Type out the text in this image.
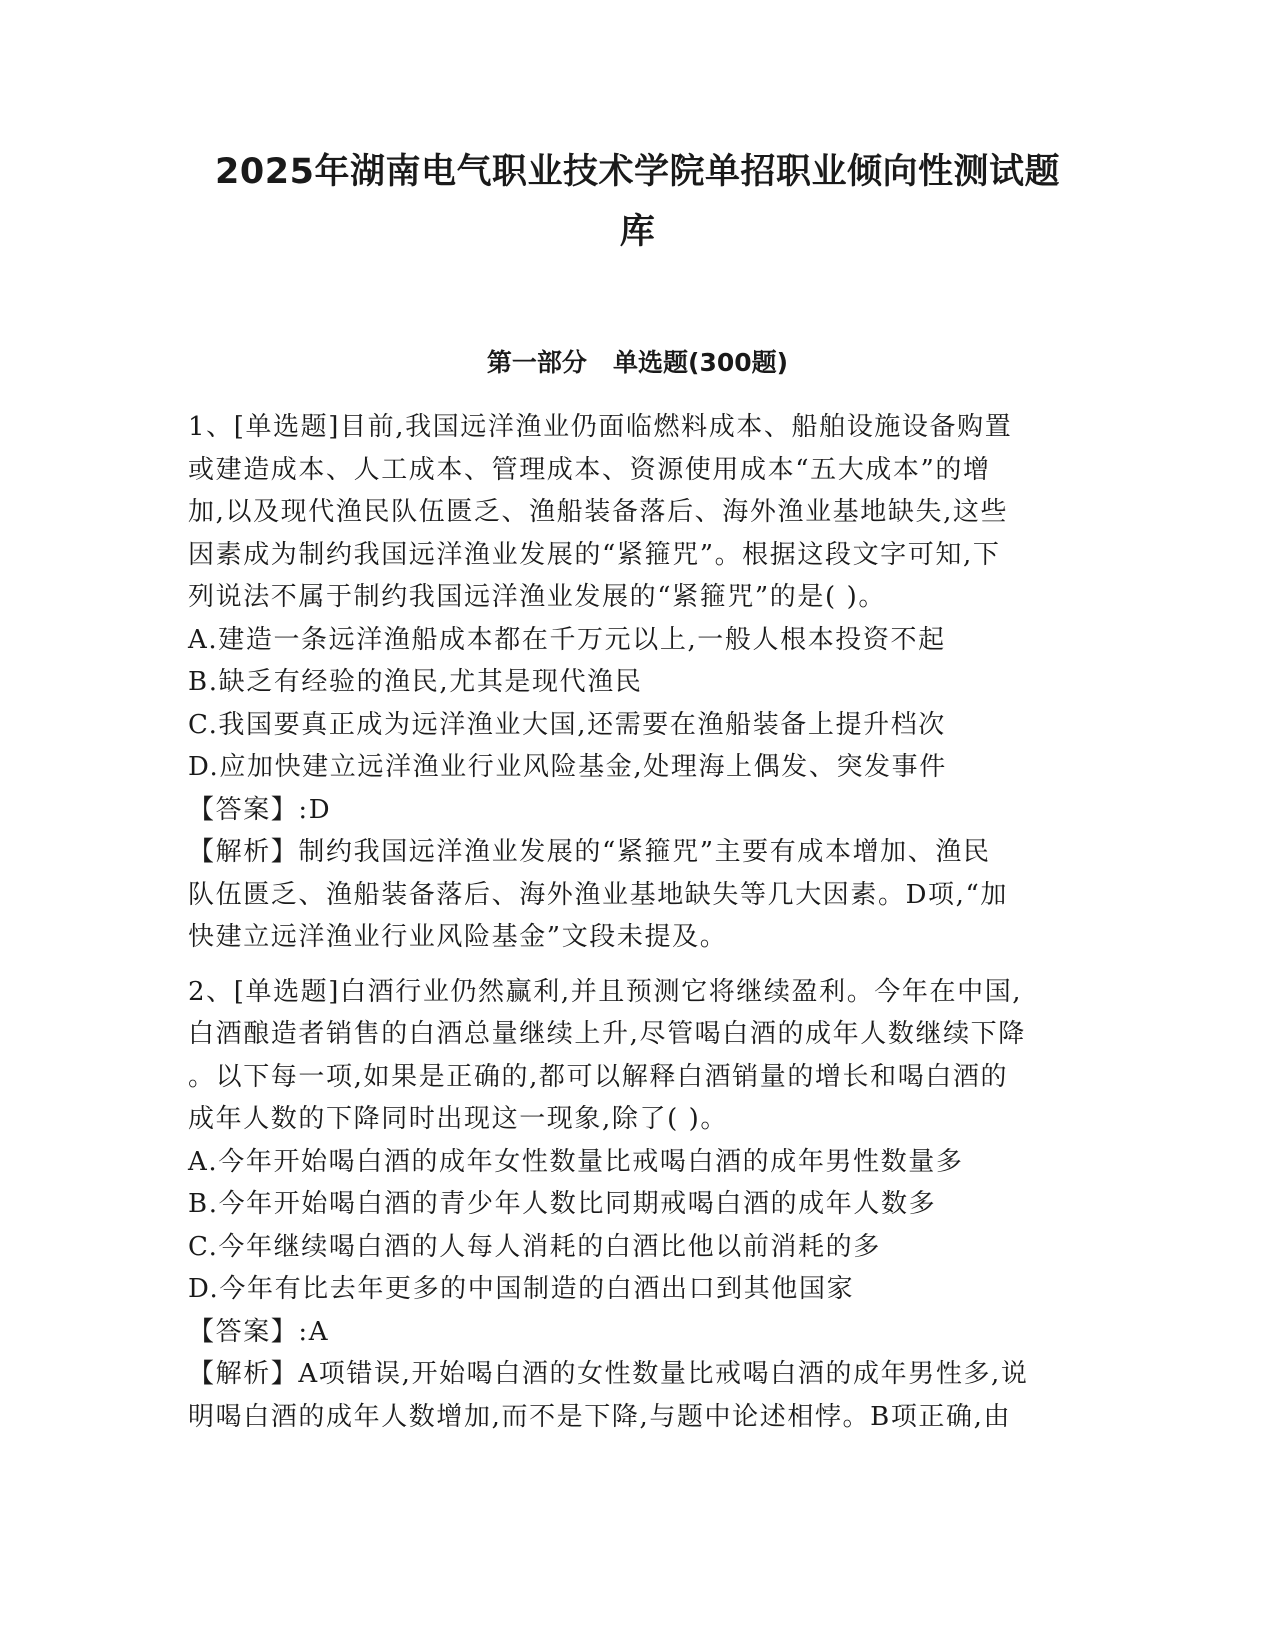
2025年湖南电气职业技术学院单招职业倾向性测试题
库
第一部分   单选题(300题)
1、[单选题]目前,我国远洋渔业仍面临燃料成本、船舶设施设备购置
或建造成本、人工成本、管理成本、资源使用成本“五大成本”的增
加,以及现代渔民队伍匮乏、渔船装备落后、海外渔业基地缺失,这些
因素成为制约我国远洋渔业发展的“紧箍咒”。根据这段文字可知,下
列说法不属于制约我国远洋渔业发展的“紧箍咒”的是( )。
A.建造一条远洋渔船成本都在千万元以上,一般人根本投资不起
B.缺乏有经验的渔民,尤其是现代渔民
C.我国要真正成为远洋渔业大国,还需要在渔船装备上提升档次
D.应加快建立远洋渔业行业风险基金,处理海上偶发、突发事件
【答案】:D
【解析】制约我国远洋渔业发展的“紧箍咒”主要有成本增加、渔民
队伍匮乏、渔船装备落后、海外渔业基地缺失等几大因素。D项,“加
快建立远洋渔业行业风险基金”文段未提及。
2、[单选题]白酒行业仍然赢利,并且预测它将继续盈利。今年在中国,
白酒酿造者销售的白酒总量继续上升,尽管喝白酒的成年人数继续下降
。以下每一项,如果是正确的,都可以解释白酒销量的增长和喝白酒的
成年人数的下降同时出现这一现象,除了( )。
A.今年开始喝白酒的成年女性数量比戒喝白酒的成年男性数量多
B.今年开始喝白酒的青少年人数比同期戒喝白酒的成年人数多
C.今年继续喝白酒的人每人消耗的白酒比他以前消耗的多
D.今年有比去年更多的中国制造的白酒出口到其他国家
【答案】:A
【解析】A项错误,开始喝白酒的女性数量比戒喝白酒的成年男性多,说
明喝白酒的成年人数增加,而不是下降,与题中论述相悖。B项正确,由
